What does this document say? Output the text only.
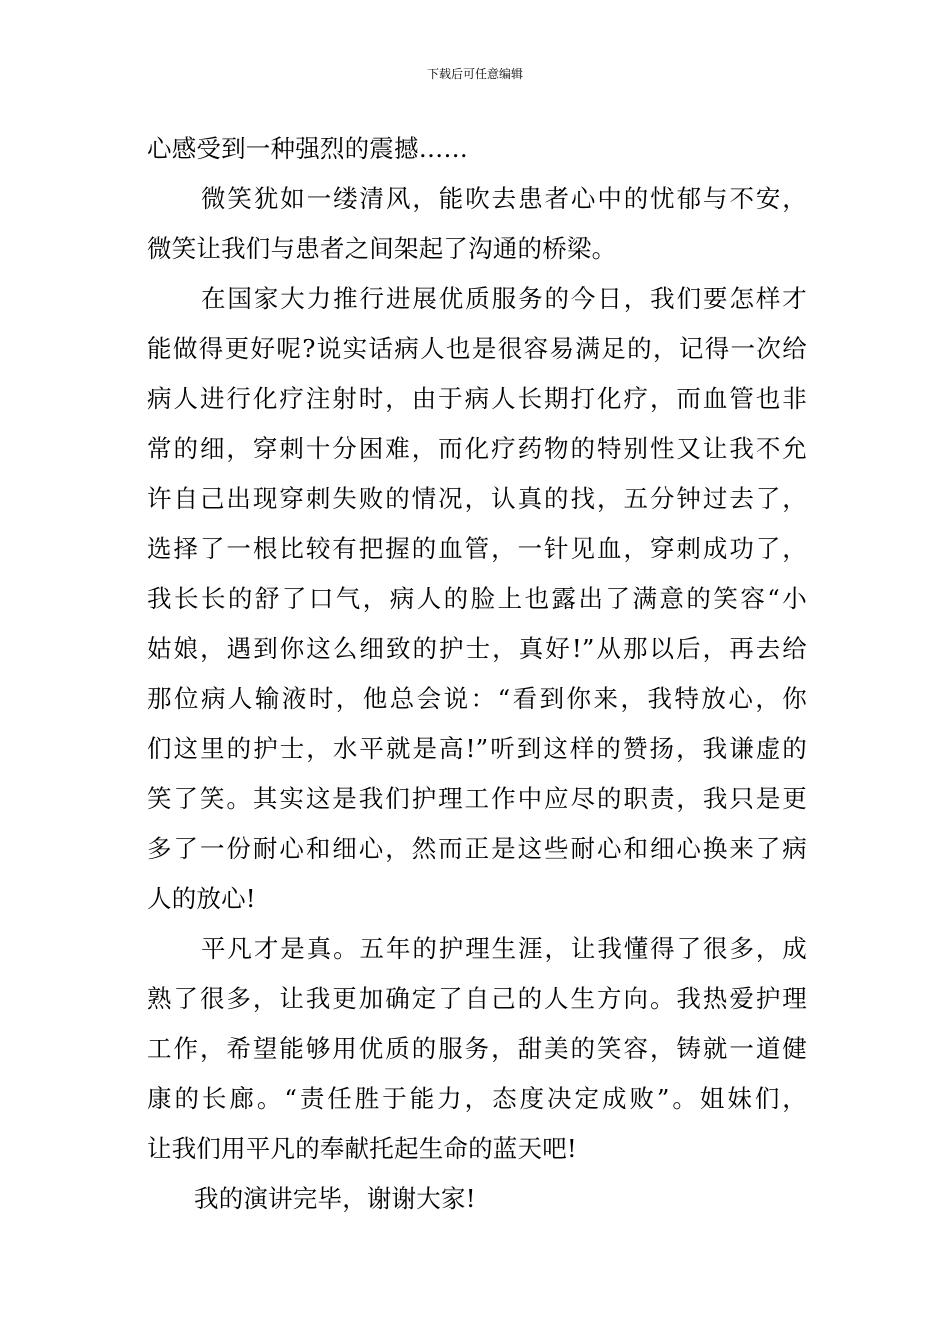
下载后可任意编辑
心感受到一种强烈的震撼……
微笑犹如一缕清风，能吹去患者心中的忧郁与不安，
微笑让我们与患者之间架起了沟通的桥梁。
在国家大力推行进展优质服务的今日，我们要怎样才
能做得更好呢?说实话病人也是很容易满足的，记得一次给
病人进行化疗注射时，由于病人长期打化疗，而血管也非
常的细，穿刺十分困难，而化疗药物的特别性又让我不允
许自己出现穿刺失败的情况，认真的找，五分钟过去了，
选择了一根比较有把握的血管，一针见血，穿刺成功了，
我长长的舒了口气，病人的脸上也露出了满意的笑容“小
姑娘，遇到你这么细致的护士，真好!”从那以后，再去给
那位病人输液时，他总会说：“看到你来，我特放心，你
们这里的护士，水平就是高!”听到这样的赞扬，我谦虚的
笑了笑。其实这是我们护理工作中应尽的职责，我只是更
多了一份耐心和细心，然而正是这些耐心和细心换来了病
人的放心!
平凡才是真。五年的护理生涯，让我懂得了很多，成
熟了很多，让我更加确定了自己的人生方向。我热爱护理
工作，希望能够用优质的服务，甜美的笑容，铸就一道健
康的长廊。“责任胜于能力，态度决定成败”。姐妹们，
让我们用平凡的奉献托起生命的蓝天吧!
我的演讲完毕，谢谢大家!
